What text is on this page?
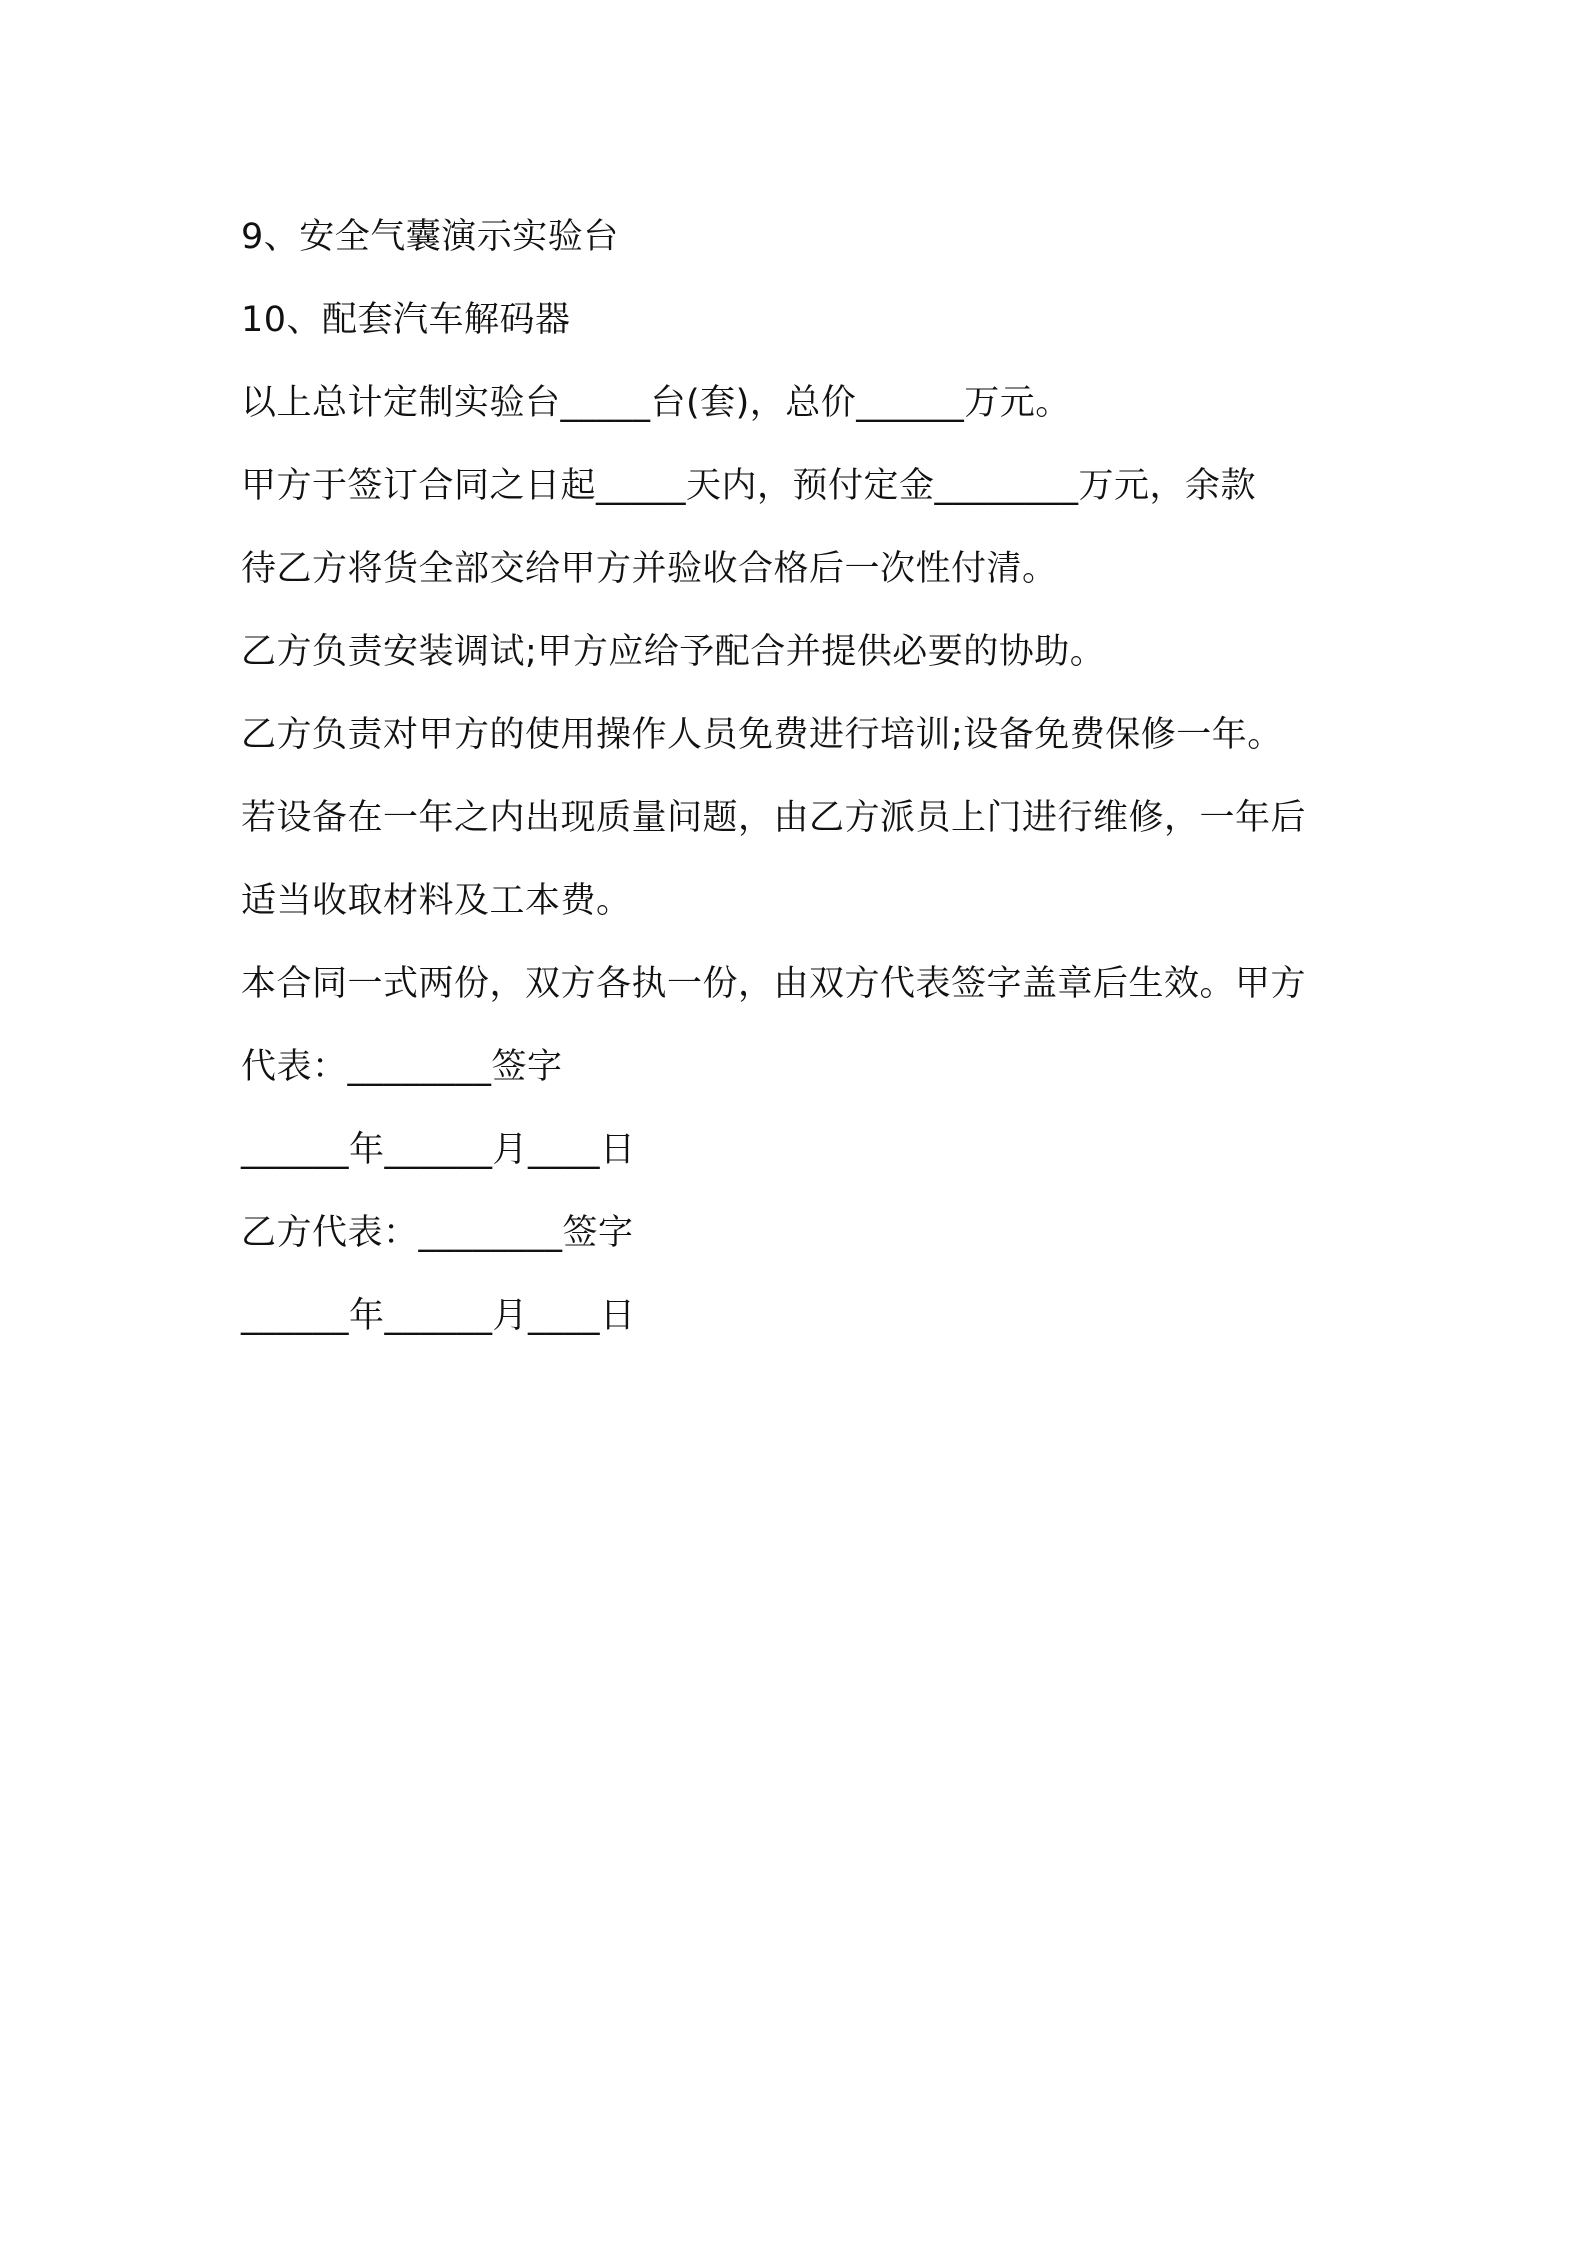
9、安全气囊演示实验台
10、配套汽车解码器
以上总计定制实验台_____台(套)，总价______万元。
甲方于签订合同之日起_____天内，预付定金________万元，余款
待乙方将货全部交给甲方并验收合格后一次性付清。
乙方负责安装调试;甲方应给予配合并提供必要的协助。
乙方负责对甲方的使用操作人员免费进行培训;设备免费保修一年。
若设备在一年之内出现质量问题，由乙方派员上门进行维修，一年后
适当收取材料及工本费。
本合同一式两份，双方各执一份，由双方代表签字盖章后生效。甲方
代表：________签字
______年______月____日
乙方代表：________签字
______年______月____日
